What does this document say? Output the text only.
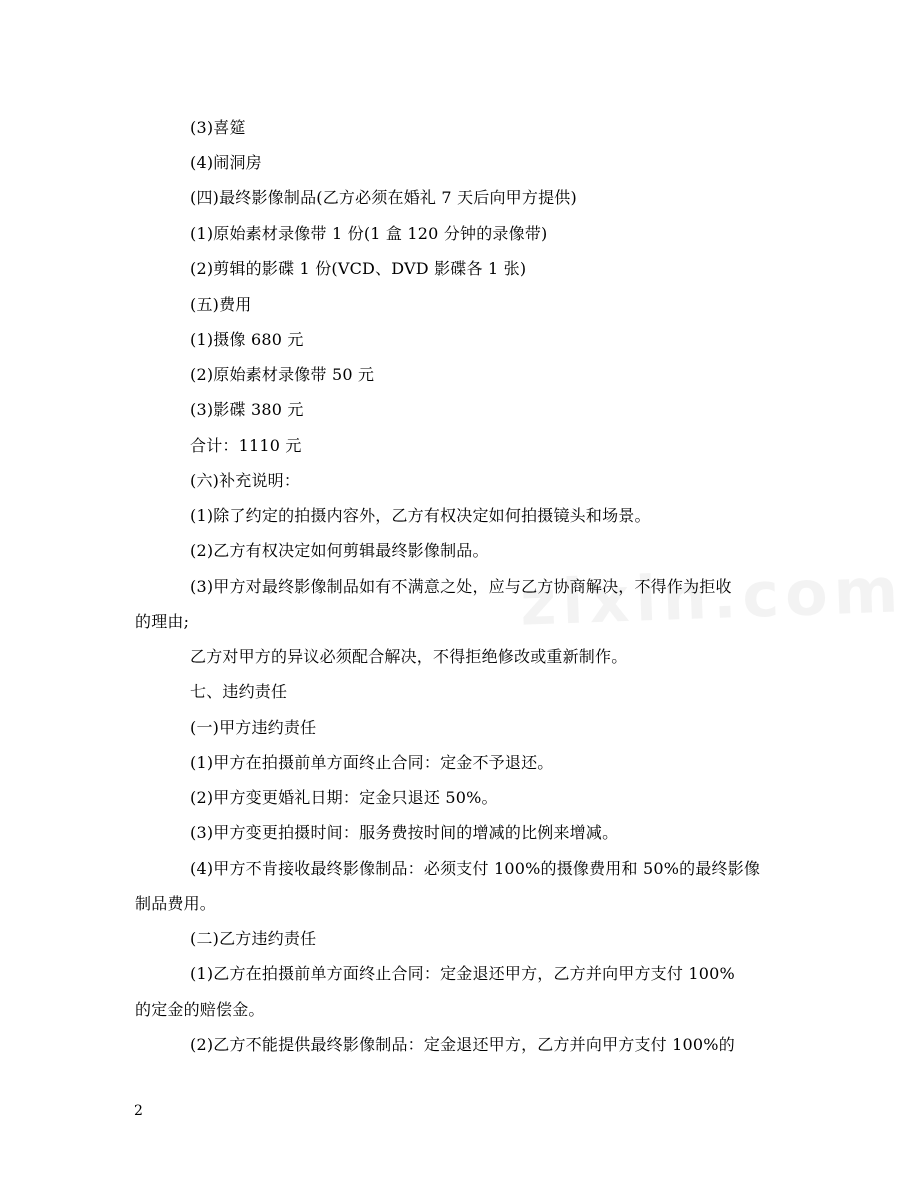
(3)喜筵
(4)闹洞房
(四)最终影像制品(乙方必须在婚礼 7 天后向甲方提供)
(1)原始素材录像带 1 份(1 盒 120 分钟的录像带)
(2)剪辑的影碟 1 份(VCD、DVD 影碟各 1 张)
(五)费用
(1)摄像 680 元
(2)原始素材录像带 50 元
(3)影碟 380 元
合计：1110 元
(六)补充说明：
(1)除了约定的拍摄内容外，乙方有权决定如何拍摄镜头和场景。
(2)乙方有权决定如何剪辑最终影像制品。
(3)甲方对最终影像制品如有不满意之处，应与乙方协商解决，不得作为拒收
的理由;
乙方对甲方的异议必须配合解决，不得拒绝修改或重新制作。
七、违约责任
(一)甲方违约责任
(1)甲方在拍摄前单方面终止合同：定金不予退还。
(2)甲方变更婚礼日期：定金只退还 50%。
(3)甲方变更拍摄时间：服务费按时间的增减的比例来增减。
(4)甲方不肯接收最终影像制品：必须支付 100%的摄像费用和 50%的最终影像
制品费用。
(二)乙方违约责任
(1)乙方在拍摄前单方面终止合同：定金退还甲方，乙方并向甲方支付 100%
的定金的赔偿金。
(2)乙方不能提供最终影像制品：定金退还甲方，乙方并向甲方支付 100%的
2
